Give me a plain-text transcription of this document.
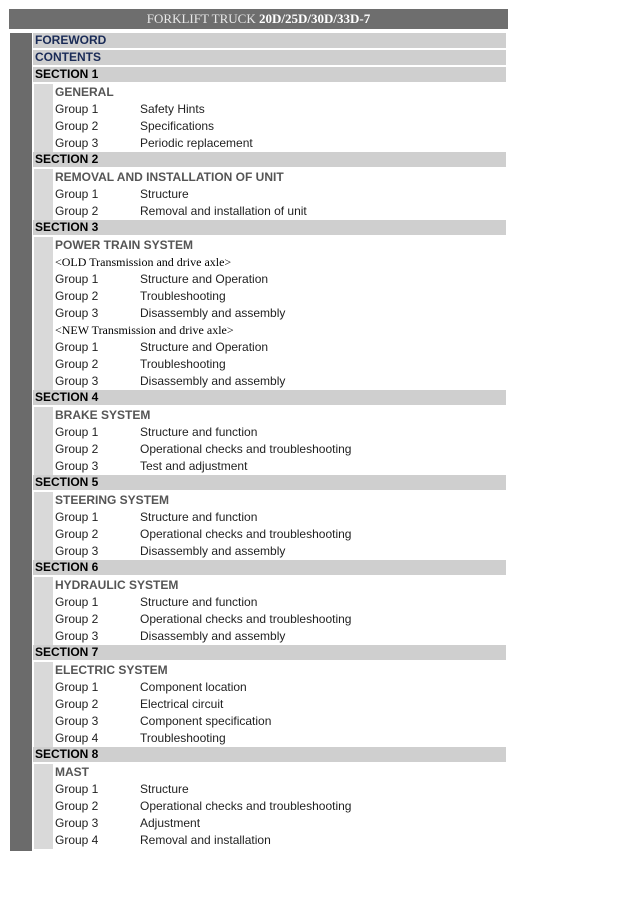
FORKLIFT TRUCK 20D/25D/30D/33D-7
FOREWORD
CONTENTS
SECTION 1
GENERAL
Group 1	Safety Hints
Group 2	Specifications
Group 3	Periodic replacement
SECTION 2
REMOVAL AND INSTALLATION OF UNIT
Group 1	Structure
Group 2	Removal and installation of unit
SECTION 3
POWER TRAIN SYSTEM
<OLD Transmission and drive axle>
Group 1	Structure and Operation
Group 2	Troubleshooting
Group 3	Disassembly and assembly
<NEW Transmission and drive axle>
Group 1	Structure and Operation
Group 2	Troubleshooting
Group 3	Disassembly and assembly
SECTION 4
BRAKE SYSTEM
Group 1	Structure and function
Group 2	Operational checks and troubleshooting
Group 3	Test and adjustment
SECTION 5
STEERING SYSTEM
Group 1	Structure and function
Group 2	Operational checks and troubleshooting
Group 3	Disassembly and assembly
SECTION 6
HYDRAULIC SYSTEM
Group 1	Structure and function
Group 2	Operational checks and troubleshooting
Group 3	Disassembly and assembly
SECTION 7
ELECTRIC SYSTEM
Group 1	Component location
Group 2	Electrical circuit
Group 3	Component specification
Group 4	Troubleshooting
SECTION 8
MAST
Group 1	Structure
Group 2	Operational checks and troubleshooting
Group 3	Adjustment
Group 4	Removal and installation
